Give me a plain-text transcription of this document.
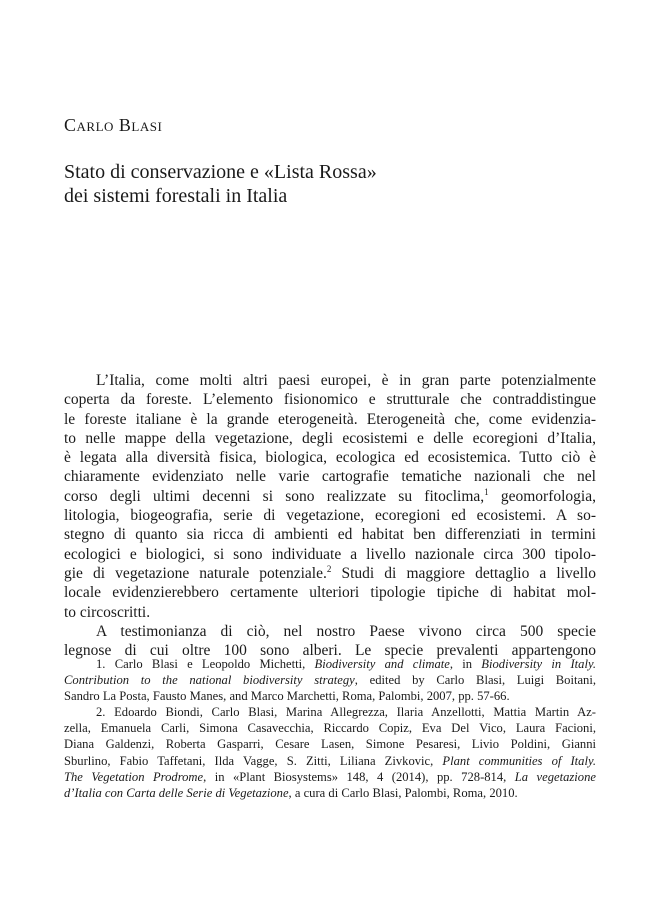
Carlo Blasi
Stato di conservazione e «Lista Rossa»
dei sistemi forestali in Italia
L’Italia, come molti altri paesi europei, è in gran parte potenzialmente
coperta da foreste. L’elemento fisionomico e strutturale che contraddistingue
le foreste italiane è la grande eterogeneità. Eterogeneità che, come evidenzia-
to nelle mappe della vegetazione, degli ecosistemi e delle ecoregioni d’Italia,
è legata alla diversità fisica, biologica, ecologica ed ecosistemica. Tutto ciò è
chiaramente evidenziato nelle varie cartografie tematiche nazionali che nel
corso degli ultimi decenni si sono realizzate su fitoclima,$^1$ geomorfologia,
litologia, biogeografia, serie di vegetazione, ecoregioni ed ecosistemi. A so-
stegno di quanto sia ricca di ambienti ed habitat ben differenziati in termini
ecologici e biologici, si sono individuate a livello nazionale circa 300 tipolo-
gie di vegetazione naturale potenziale.$^2$ Studi di maggiore dettaglio a livello
locale evidenzierebbero certamente ulteriori tipologie tipiche di habitat mol-
to circoscritti.
A testimonianza di ciò, nel nostro Paese vivono circa 500 specie
legnose di cui oltre 100 sono alberi. Le specie prevalenti appartengono
1. Carlo Blasi e Leopoldo Michetti, Biodiversity and climate, in Biodiversity in Italy.
Contribution to the national biodiversity strategy, edited by Carlo Blasi, Luigi Boitani,
Sandro La Posta, Fausto Manes, and Marco Marchetti, Roma, Palombi, 2007, pp. 57-66.
2. Edoardo Biondi, Carlo Blasi, Marina Allegrezza, Ilaria Anzellotti, Mattia Martin Az-
zella, Emanuela Carli, Simona Casavecchia, Riccardo Copiz, Eva Del Vico, Laura Facioni,
Diana Galdenzi, Roberta Gasparri, Cesare Lasen, Simone Pesaresi, Livio Poldini, Gianni
Sburlino, Fabio Taffetani, Ilda Vagge, S. Zitti, Liliana Zivkovic, Plant communities of Italy.
The Vegetation Prodrome, in «Plant Biosystems» 148, 4 (2014), pp. 728-814, La vegetazione
d’Italia con Carta delle Serie di Vegetazione, a cura di Carlo Blasi, Palombi, Roma, 2010.
